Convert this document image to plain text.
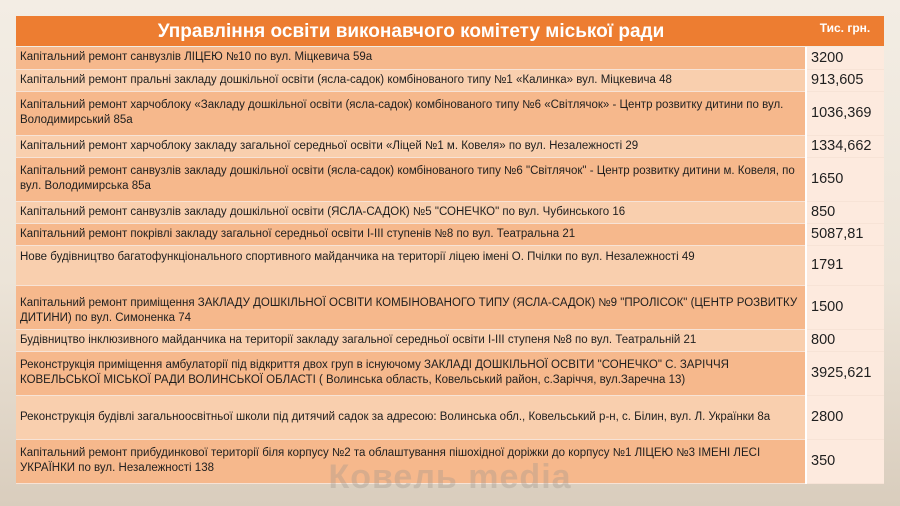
Управління освіти виконавчого комітету міської ради	Тис. грн.
Капітальний ремонт санвузлів ЛІЦЕЮ №10 по вул. Міцкевича 59а	3200
Капітальний ремонт пральні закладу дошкільної освіти (ясла-садок) комбінованого типу №1 «Калинка» вул. Міцкевича 48	913,605
Капітальний ремонт харчоблоку «Закладу дошкільної освіти (ясла-садок) комбінованого типу №6 «Світлячок» - Центр розвитку дитини по вул. Володимирський 85а	1036,369
Капітальний ремонт харчоблоку закладу загальної середньої освіти «Ліцей №1 м. Ковеля» по вул. Незалежності 29	1334,662
Капітальний ремонт санвузлів закладу дошкільної освіти (ясла-садок) комбінованого типу №6 "Світлячок" - Центр розвитку дитини м. Ковеля, по вул. Володимирська 85а	1650
Капітальний ремонт санвузлів закладу дошкільної освіти (ЯСЛА-САДОК) №5 "СОНЕЧКО" по вул. Чубинського 16	850
Капітальний ремонт покрівлі закладу загальної середньої освіти І-ІІІ ступенів №8 по вул. Театральна 21	5087,81
Нове будівництво багатофункціонального спортивного майданчика на території ліцею імені О. Пчілки по вул. Незалежності 49	1791
Капітальний ремонт приміщення ЗАКЛАДУ ДОШКІЛЬНОЇ ОСВІТИ КОМБІНОВАНОГО ТИПУ (ЯСЛА-САДОК) №9 "ПРОЛІСОК" (ЦЕНТР РОЗВИТКУ ДИТИНИ) по вул. Симоненка 74	1500
Будівництво інклюзивного майданчика на території закладу загальної середньої освіти І-ІІІ ступеня №8 по вул. Театральній 21	800
Реконструкція приміщення амбулаторії під відкриття двох груп в існуючому ЗАКЛАДІ ДОШКІЛЬНОЇ ОСВІТИ "СОНЕЧКО" С. ЗАРІЧЧЯ КОВЕЛЬСЬКОЇ МІСЬКОЇ РАДИ ВОЛИНСЬКОЇ ОБЛАСТІ ( Волинська область, Ковельський район, с.Заріччя, вул.Заречна 13)	3925,621
Реконструкція будівлі загальноосвітньої школи під дитячий садок за адресою: Волинська обл., Ковельський р-н, с. Білин, вул. Л. Українки 8а	2800
Капітальний ремонт прибудинкової території біля корпусу №2 та облаштування пішохідної доріжки до корпусу №1 ЛІЦЕЮ №3 ІМЕНІ ЛЕСІ УКРАЇНКИ по вул. Незалежності 138	350
Ковель media
